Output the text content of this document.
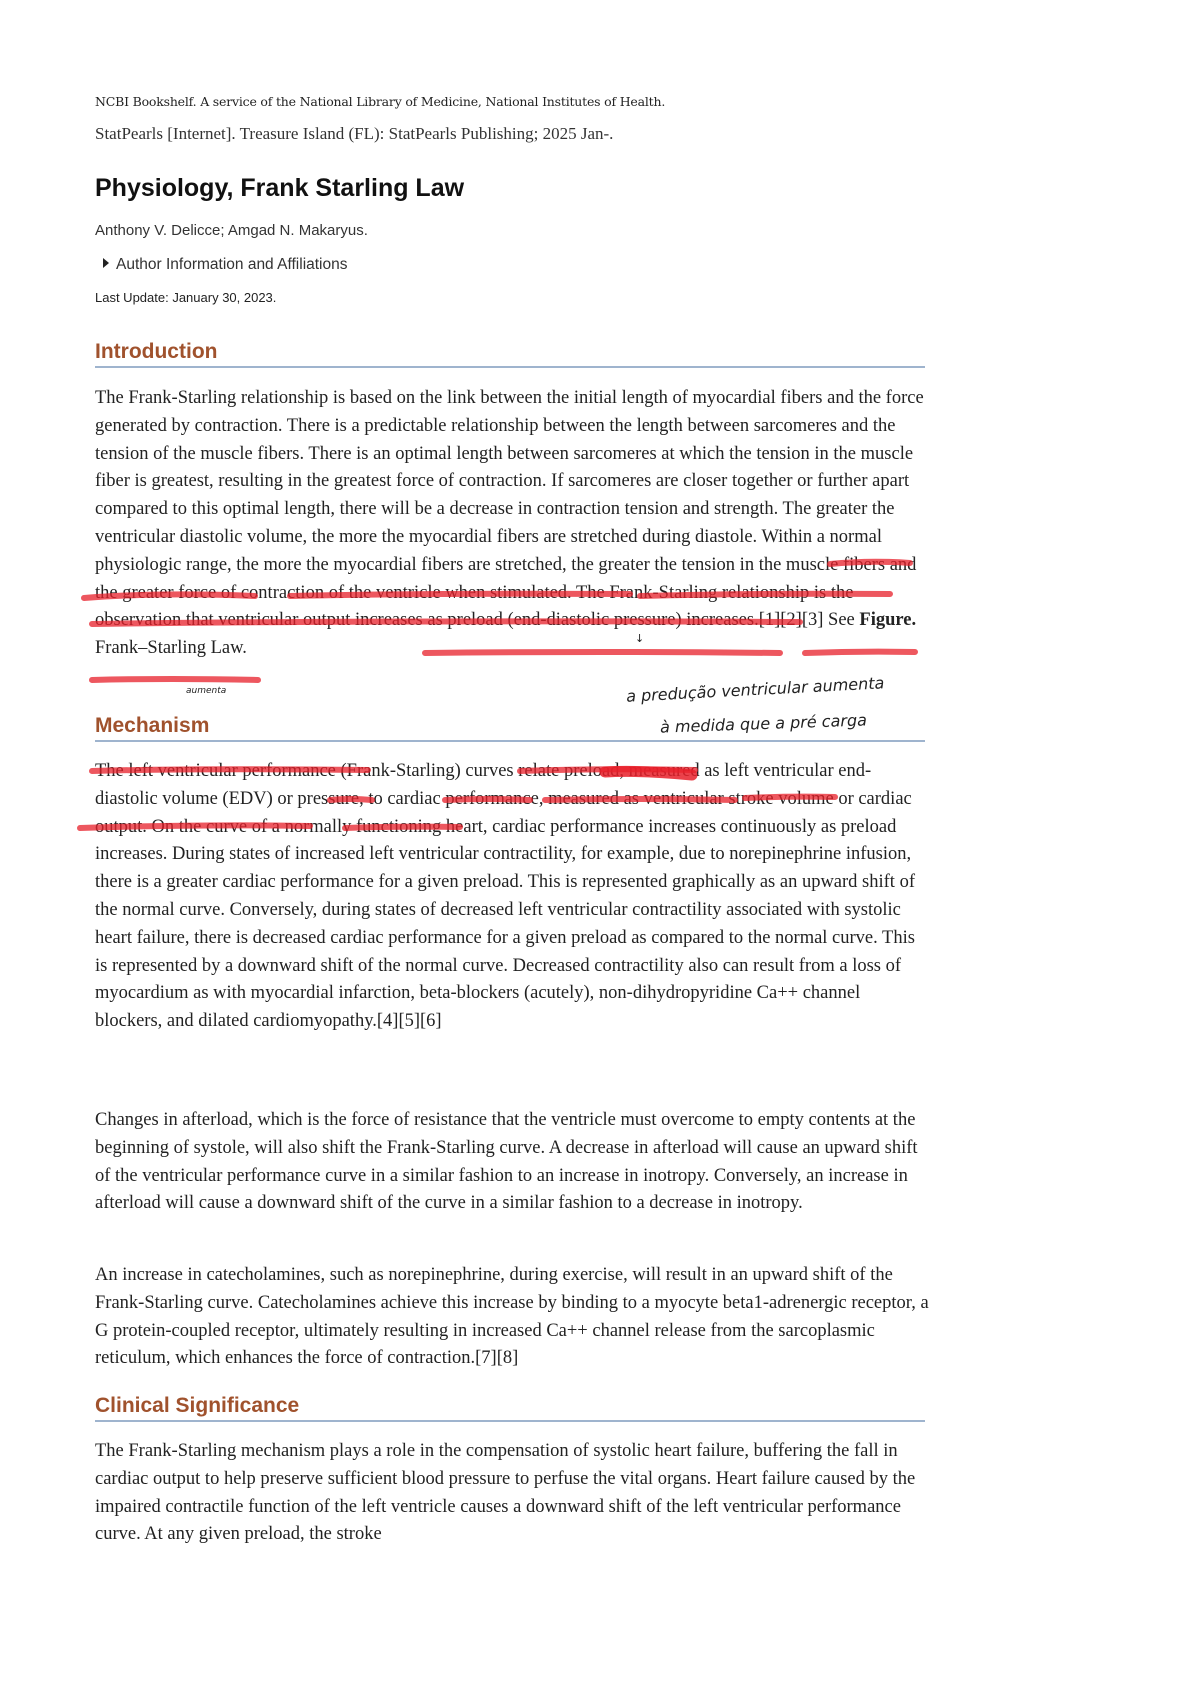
NCBI Bookshelf. A service of the National Library of Medicine, National Institutes of Health.
StatPearls [Internet]. Treasure Island (FL): StatPearls Publishing; 2025 Jan-.
Physiology, Frank Starling Law
Anthony V. Delicce; Amgad N. Makaryus.
Author Information and Affiliations
Last Update: January 30, 2023.
Introduction

The Frank-Starling relationship is based on the link between the initial length of myocardial fibers and the force generated by contraction. There is a predictable relationship between the length between sarcomeres and the tension of the muscle fibers. There is an optimal length between sarcomeres at which the tension in the muscle fiber is greatest, resulting in the greatest force of contraction. If sarcomeres are closer together or further apart compared to this optimal length, there will be a decrease in contraction tension and strength. The greater the ventricular diastolic volume, the more the myocardial fibers are stretched during diastole. Within a normal physiologic range, the more the myocardial fibers are stretched, the greater the tension in the muscle fibers and the greater force of contraction of the ventricle when stimulated. The Frank-Starling relationship is the observation that ventricular output increases as preload (end-diastolic pressure) increases.[1][2][3] See Figure. Frank–Starling Law.

Mechanism

The left ventricular performance (Frank-Starling) curves relate preload, measured as left ventricular end-diastolic volume (EDV) or pressure, to cardiac performance, measured as ventricular stroke volume or cardiac output. On the curve of a normally functioning heart, cardiac performance increases continuously as preload increases. During states of increased left ventricular contractility, for example, due to norepinephrine infusion, there is a greater cardiac performance for a given preload. This is represented graphically as an upward shift of the normal curve. Conversely, during states of decreased left ventricular contractility associated with systolic heart failure, there is decreased cardiac performance for a given preload as compared to the normal curve. This is represented by a downward shift of the normal curve. Decreased contractility also can result from a loss of myocardium as with myocardial infarction, beta-blockers (acutely), non-dihydropyridine Ca++ channel blockers, and dilated cardiomyopathy.[4][5][6]

Changes in afterload, which is the force of resistance that the ventricle must overcome to empty contents at the beginning of systole, will also shift the Frank-Starling curve. A decrease in afterload will cause an upward shift of the ventricular performance curve in a similar fashion to an increase in inotropy. Conversely, an increase in afterload will cause a downward shift of the curve in a similar fashion to a decrease in inotropy.

An increase in catecholamines, such as norepinephrine, during exercise, will result in an upward shift of the Frank-Starling curve. Catecholamines achieve this increase by binding to a myocyte beta1-adrenergic receptor, a G protein-coupled receptor, ultimately resulting in increased Ca++ channel release from the sarcoplasmic reticulum, which enhances the force of contraction.[7][8]

Clinical Significance

The Frank-Starling mechanism plays a role in the compensation of systolic heart failure, buffering the fall in cardiac output to help preserve sufficient blood pressure to perfuse the vital organs. Heart failure caused by the impaired contractile function of the left ventricle causes a downward shift of the left ventricular performance curve. At any given preload, the stroke

↓
a predução ventricular aumenta
à medida que a pré carga
aumenta
